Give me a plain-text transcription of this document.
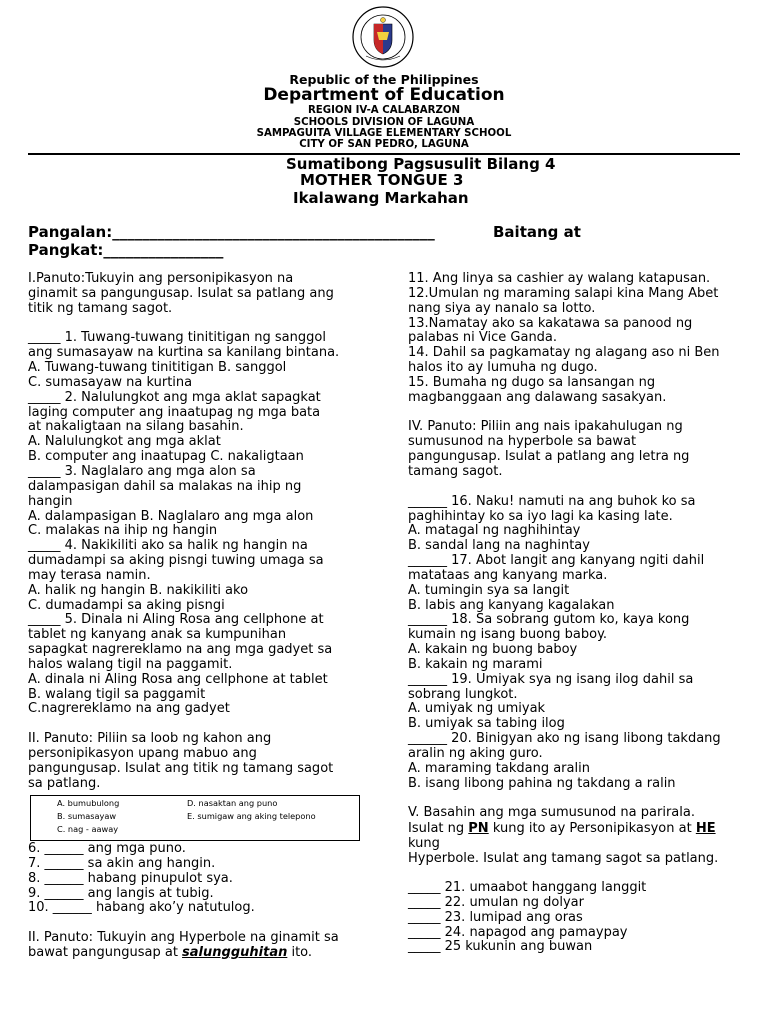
Republic of the Philippines
Department of Education
REGION IV-A CALABARZON
SCHOOLS DIVISION OF LAGUNA
SAMPAGUITA VILLAGE ELEMENTARY SCHOOL
CITY OF SAN PEDRO, LAGUNA
Sumatibong Pagsusulit Bilang 4
MOTHER TONGUE 3
Ikalawang Markahan
Pangalan:___________________________________________	Baitang at
Pangkat:________________

I.Panuto:Tukuyin ang personipikasyon na

ginamit sa pangungusap. Isulat sa patlang ang

titik ng tamang sagot.

_____ 1. Tuwang-tuwang tinititigan ng sanggol

ang sumasayaw na kurtina sa kanilang bintana.

A. Tuwang-tuwang tinititigan B. sanggol

C. sumasayaw na kurtina

_____ 2. Nalulungkot ang mga aklat sapagkat

laging computer ang inaatupag ng mga bata

at nakaligtaan na silang basahin.

A. Nalulungkot ang mga aklat

B. computer ang inaatupag C. nakaligtaan

_____ 3. Naglalaro ang mga alon sa

dalampasigan dahil sa malakas na ihip ng

hangin

A. dalampasigan B. Naglalaro ang mga alon

C. malakas na ihip ng hangin

_____ 4. Nakikiliti ako sa halik ng hangin na

dumadampi sa aking pisngi tuwing umaga sa

may terasa namin.

A. halik ng hangin B. nakikiliti ako

C. dumadampi sa aking pisngi

_____ 5. Dinala ni Aling Rosa ang cellphone at

tablet ng kanyang anak sa kumpunihan

sapagkat nagrereklamo na ang mga gadyet sa

halos walang tigil na paggamit.

A. dinala ni Aling Rosa ang cellphone at tablet

B. walang tigil sa paggamit

C.nagrereklamo na ang gadyet

II. Panuto: Piliin sa loob ng kahon ang

personipikasyon upang mabuo ang

pangungusap. Isulat ang titik ng tamang sagot

sa patlang.

A. bumubulong
B. sumasayaw
C. nag - aaway
D. nasaktan ang puno
E. sumigaw ang aking telepono

6. ______ ang mga puno.

7. ______ sa akin ang hangin.

8. ______ habang pinupulot sya.

9. ______ ang langis at tubig.

10. ______ habang ako’y natutulog.

II. Panuto: Tukuyin ang Hyperbole na ginamit sa

bawat pangungusap at salungguhitan ito.

11. Ang linya sa cashier ay walang katapusan.

12.Umulan ng maraming salapi kina Mang Abet

nang siya ay nanalo sa lotto.

13.Namatay ako sa kakatawa sa panood ng

palabas ni Vice Ganda.

14. Dahil sa pagkamatay ng alagang aso ni Ben

halos ito ay lumuha ng dugo.

15. Bumaha ng dugo sa lansangan ng

magbanggaan ang dalawang sasakyan.

IV. Panuto: Piliin ang nais ipakahulugan ng

sumusunod na hyperbole sa bawat

pangungusap. Isulat a patlang ang letra ng

tamang sagot.

______ 16. Naku! namuti na ang buhok ko sa

paghihintay ko sa iyo lagi ka kasing late.

A. matagal ng naghihintay

B. sandal lang na naghintay

______ 17. Abot langit ang kanyang ngiti dahil

matataas ang kanyang marka.

A. tumingin sya sa langit

B. labis ang kanyang kagalakan

______ 18. Sa sobrang gutom ko, kaya kong

kumain ng isang buong baboy.

A. kakain ng buong baboy

B. kakain ng marami

______ 19. Umiyak sya ng isang ilog dahil sa

sobrang lungkot.

A. umiyak ng umiyak

B. umiyak sa tabing ilog

______ 20. Binigyan ako ng isang libong takdang

aralin ng aking guro.

A. maraming takdang aralin

B. isang libong pahina ng takdang a ralin

V. Basahin ang mga sumusunod na parirala.

Isulat ng PN kung ito ay Personipikasyon at HE

kung

Hyperbole. Isulat ang tamang sagot sa patlang.

_____ 21. umaabot hanggang langgit

_____ 22. umulan ng dolyar

_____ 23. lumipad ang oras

_____ 24. napagod ang pamaypay

_____ 25 kukunin ang buwan
